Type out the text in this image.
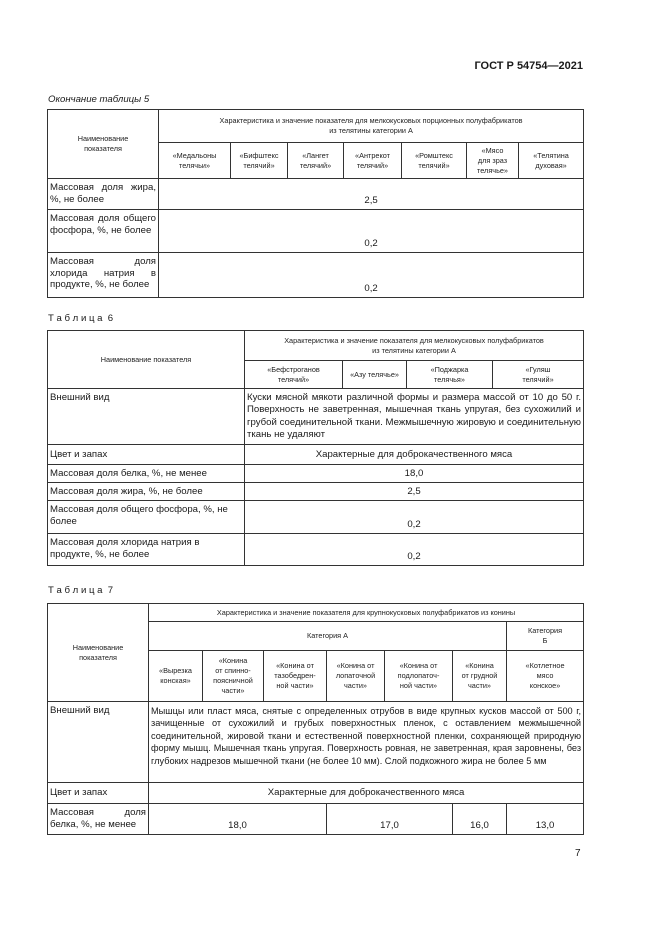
ГОСТ Р 54754—2021
Окончание таблицы 5
Наименование
показателя	Характеристика и значение показателя для мелкокусковых порционных полуфабрикатов
из телятины категории А						
	«Медальоны
телячьи»	«Бифштекс
телячий»	«Лангет
телячий»	«Антрекот
телячий»	«Ромштекс
телячий»	«Мясо
для зраз
телячье»	«Телятина
духовая»
Массовая доля жира, %, не более	2,5						
Массовая доля общего фосфора, %, не более	0,2						
Массовая доля хлорида натрия в продукте, %, не более	0,2						
Т а б л и ц а  6
Наименование показателя	Характеристика и значение показателя для мелкокусковых полуфабрикатов
из телятины категории А			
	«Бефстроганов
телячий»	«Азу телячье»	«Поджарка
телячья»	«Гуляш
телячий»
Внешний вид	Куски мясной мякоти различной формы и размера массой от 10 до 50 г. Поверхность не заветренная, мышечная ткань упругая, без сухожилий и грубой соединительной ткани. Межмышечную жировую и соединительную ткань не удаляют			
Цвет и запах	Характерные для доброкачественного мяса			
Массовая доля белка, %, не менее	18,0			
Массовая доля жира, %, не более	2,5			
Массовая доля общего фосфора, %, не более	0,2			
Массовая доля хлорида натрия в продукте, %, не более	0,2			
Т а б л и ц а  7
Наименование
показателя	Характеристика и значение показателя для крупнокусковых полуфабрикатов из конины						
	Категория А						Категория
Б
	«Вырезка
конская»	«Конина
от спинно-
поясничной
части»	«Конина от
тазобедрен-
ной части»	«Конина от
лопаточной
части»	«Конина от
подлопаточ-
ной части»	«Конина
от грудной
части»	«Котлетное
мясо
конское»
Внешний вид	Мышцы или пласт мяса, снятые с определенных отрубов в виде крупных кусков массой от 500 г, зачищенные от сухожилий и грубых поверхностных пленок, с оставлением межмышечной соединительной, жировой ткани и естественной поверхностной пленки, сохраняющей природную форму мышц. Мышечная ткань упругая. Поверхность ровная, не заветренная, края заровнены, без глубоких надрезов мышечной ткани (не более 10 мм). Слой подкожного жира не более 5 мм						
Цвет и запах	Характерные для доброкачественного мяса						
Массовая доля белка, %, не менее	18,0			17,0		16,0	13,0
7
